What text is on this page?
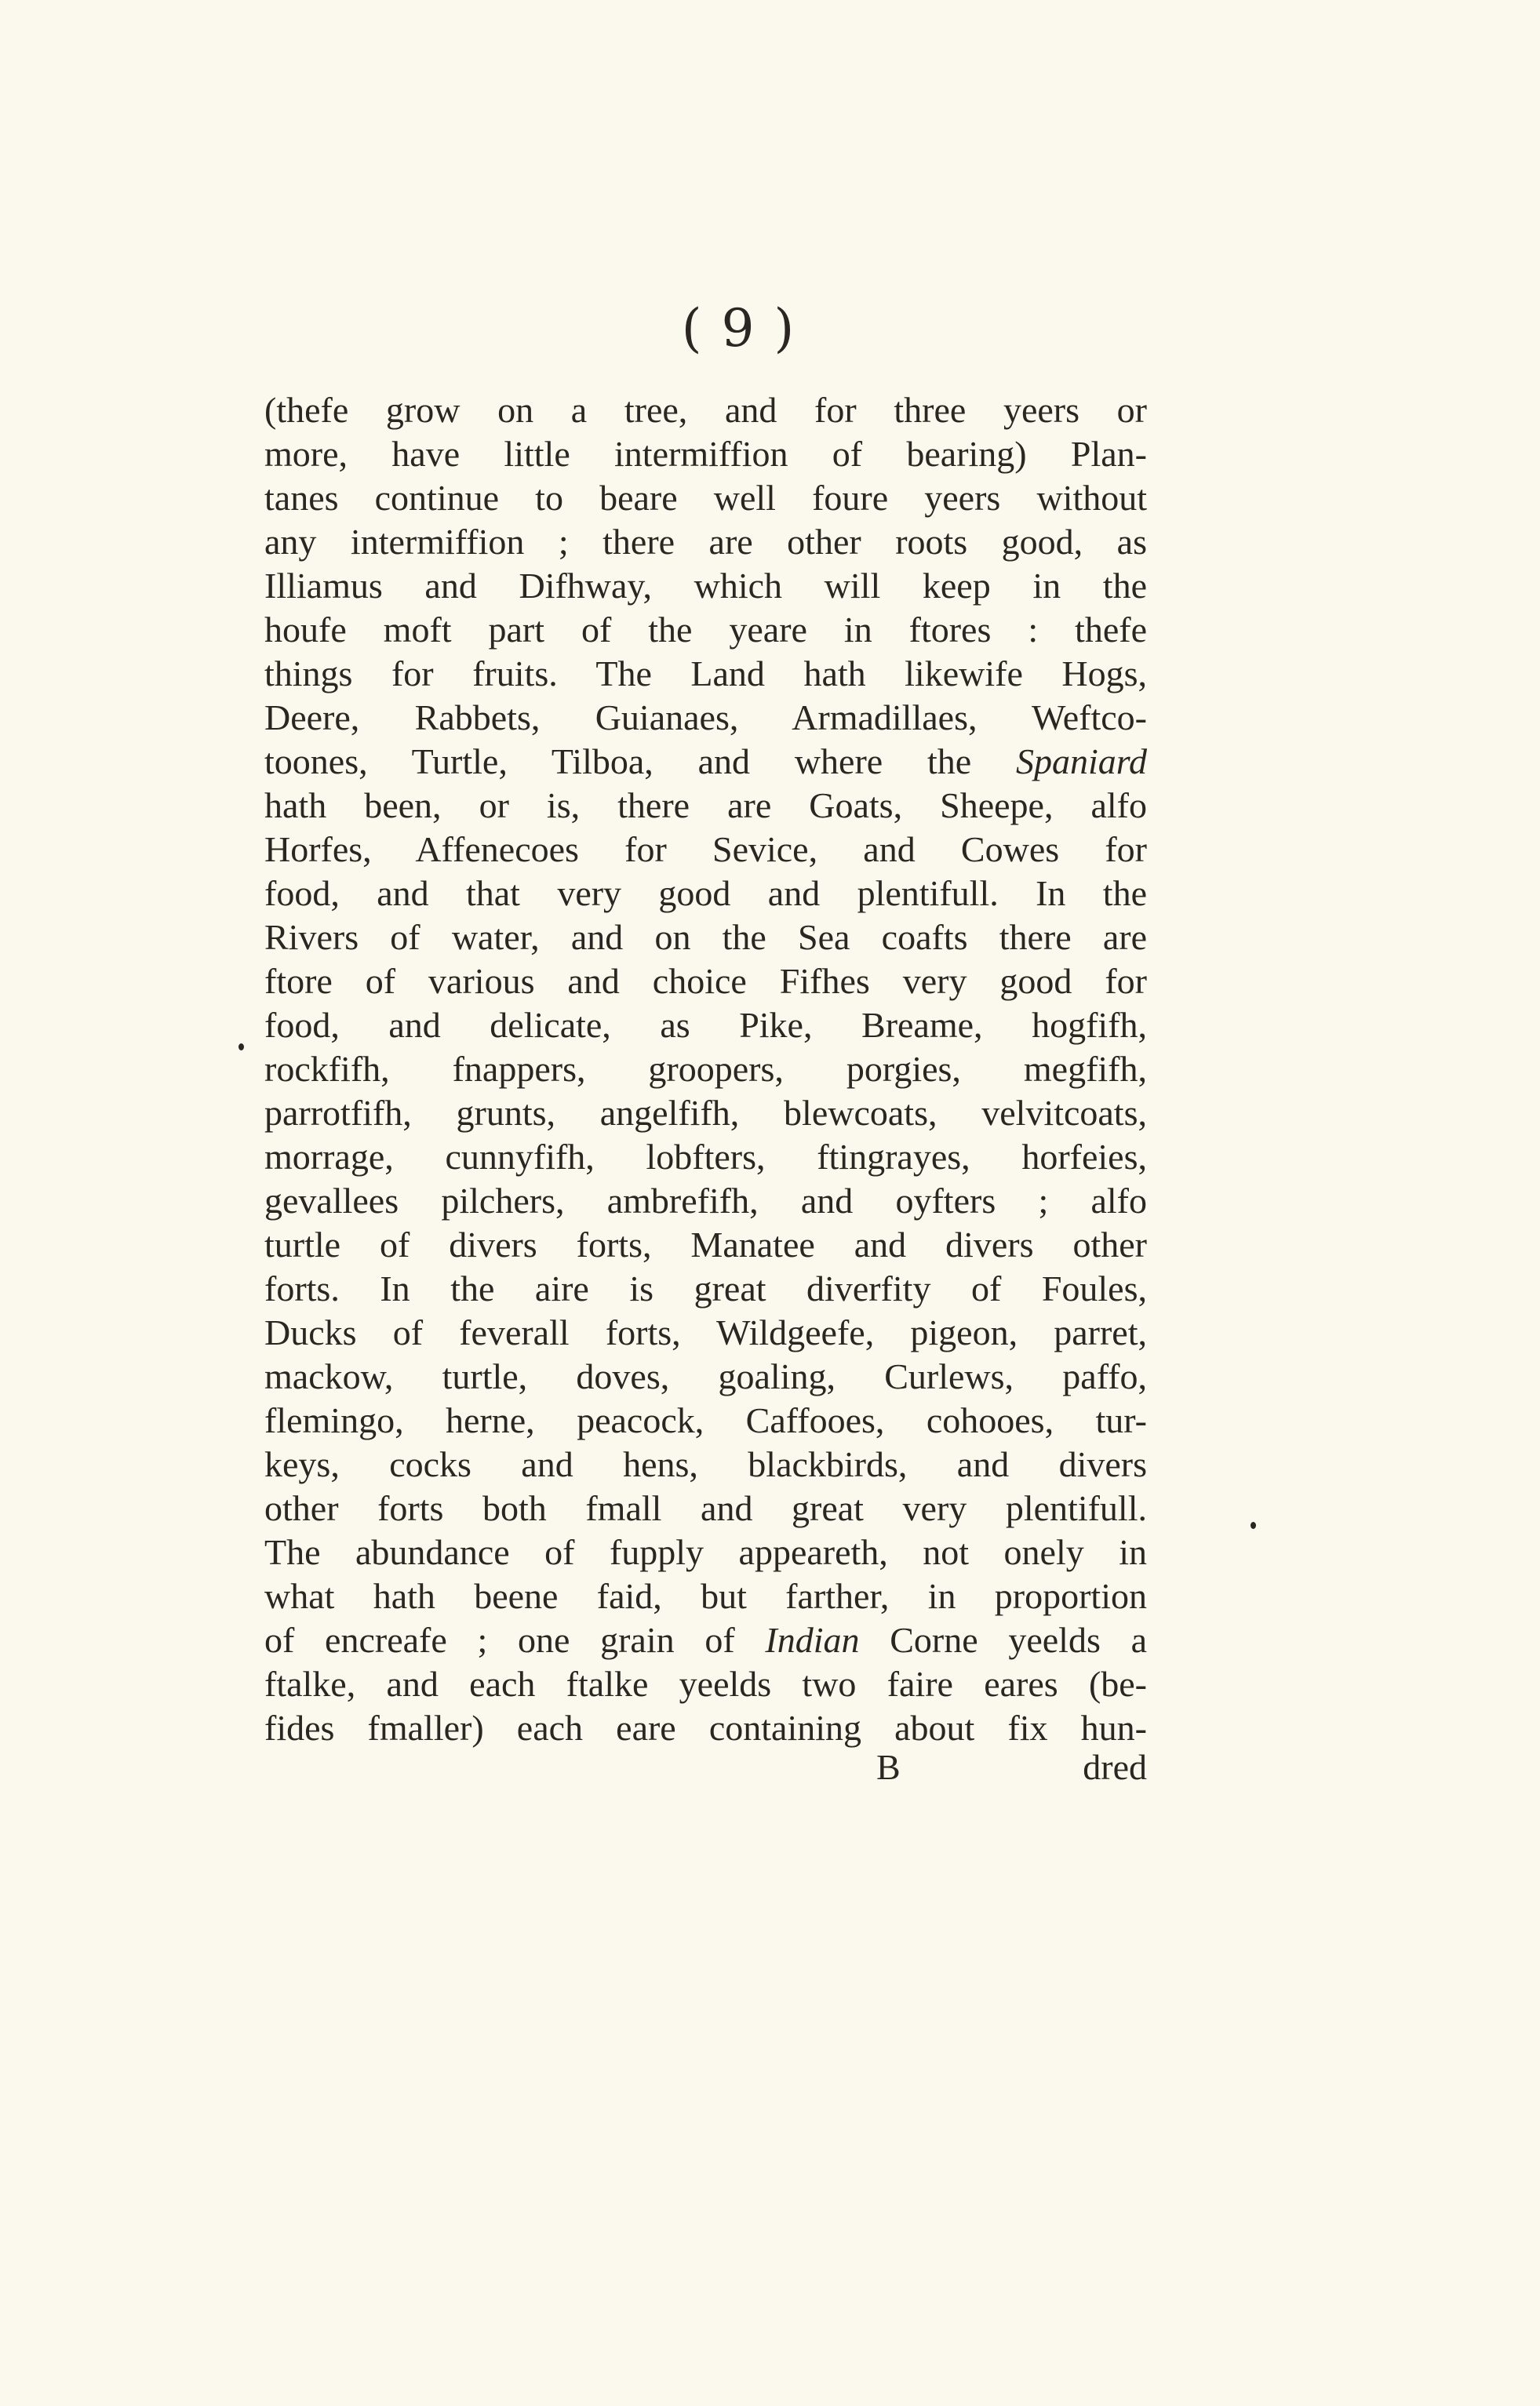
( 9 )
(thefe grow on a tree, and for three yeers or
more, have little intermiffion of bearing) Plan-
tanes continue to beare well foure yeers without
any intermiffion ; there are other roots good, as
Illiamus and Difhway, which will keep in the
houfe moft part of the yeare in ftores : thefe
things for fruits. The Land hath likewife Hogs,
Deere, Rabbets, Guianaes, Armadillaes, Weftco-
toones, Turtle, Tilboa, and where the Spaniard
hath been, or is, there are Goats, Sheepe, alfo
Horfes, Affenecoes for Sevice, and Cowes for
food, and that very good and plentifull. In the
Rivers of water, and on the Sea coafts there are
ftore of various and choice Fifhes very good for
food, and delicate, as Pike, Breame, hogfifh,
rockfifh, fnappers, groopers, porgies, megfifh,
parrotfifh, grunts, angelfifh, blewcoats, velvitcoats,
morrage, cunnyfifh, lobfters, ftingrayes, horfeies,
gevallees pilchers, ambrefifh, and oyfters ; alfo
turtle of divers forts, Manatee and divers other
forts. In the aire is great diverfity of Foules,
Ducks of feverall forts, Wildgeefe, pigeon, parret,
mackow, turtle, doves, goaling, Curlews, paffo,
flemingo, herne, peacock, Caffooes, cohooes, tur-
keys, cocks and hens, blackbirds, and divers
other forts both fmall and great very plentifull.
The abundance of fupply appeareth, not onely in
what hath beene faid, but farther, in proportion
of encreafe ; one grain of Indian Corne yeelds a
ftalke, and each ftalke yeelds two faire eares (be-
fides fmaller) each eare containing about fix hun-
B	dred
